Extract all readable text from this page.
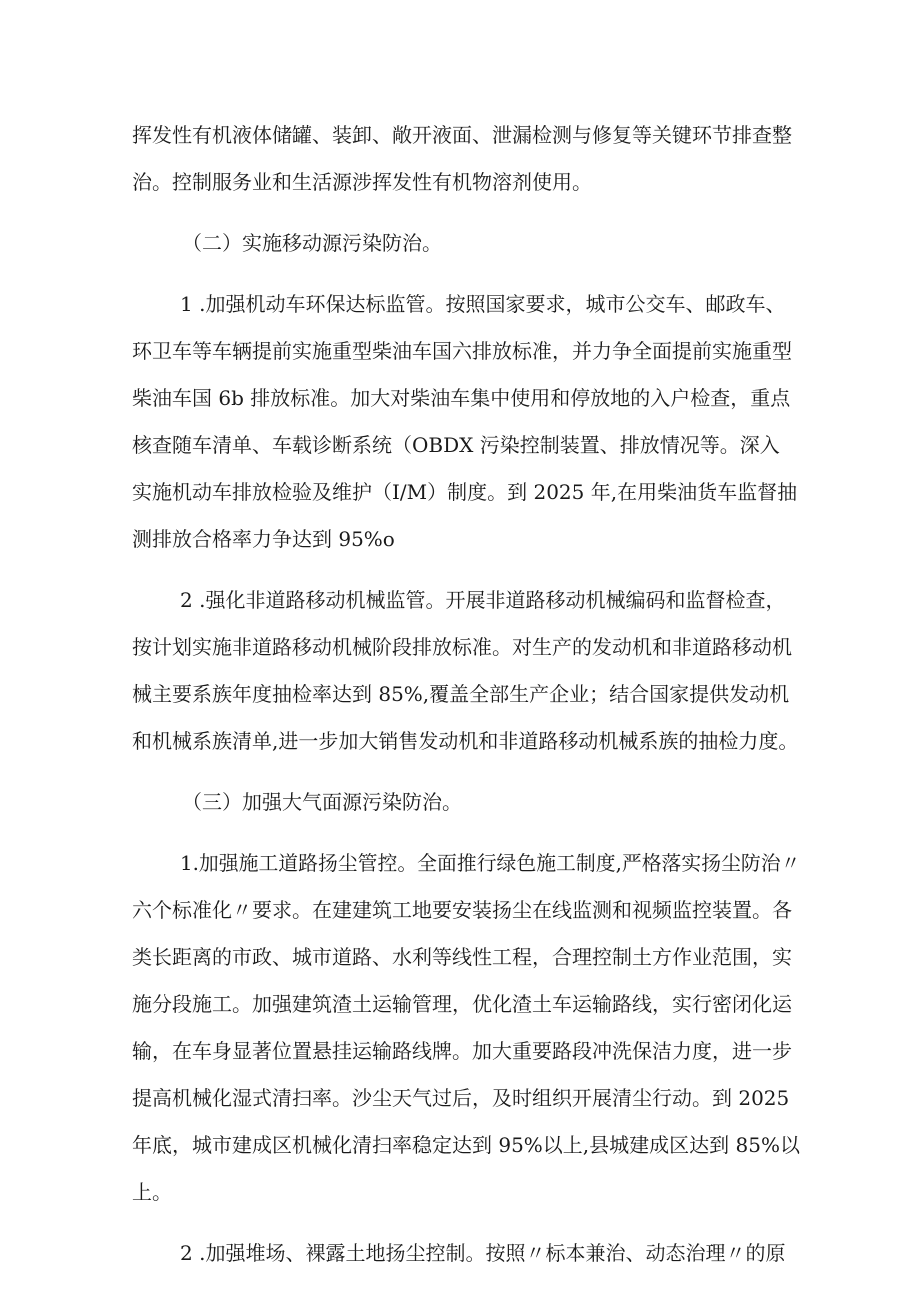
挥发性有机液体储罐、装卸、敞开液面、泄漏检测与修复等关键环节排查整
治。控制服务业和生活源涉挥发性有机物溶剂使用。
（二）实施移动源污染防治。
1 .加强机动车环保达标监管。按照国家要求，城市公交车、邮政车、
环卫车等车辆提前实施重型柴油车国六排放标准，并力争全面提前实施重型
柴油车国 6b 排放标准。加大对柴油车集中使用和停放地的入户检查，重点
核查随车清单、车载诊断系统（OBDX 污染控制装置、排放情况等。深入
实施机动车排放检验及维护（I/M）制度。到 2025 年,在用柴油货车监督抽
测排放合格率力争达到 95%o
2 .强化非道路移动机械监管。开展非道路移动机械编码和监督检查，
按计划实施非道路移动机械阶段排放标准。对生产的发动机和非道路移动机
械主要系族年度抽检率达到 85%,覆盖全部生产企业；结合国家提供发动机
和机械系族清单,进一步加大销售发动机和非道路移动机械系族的抽检力度。
（三）加强大气面源污染防治。
1.加强施工道路扬尘管控。全面推行绿色施工制度,严格落实扬尘防治〃
六个标准化〃要求。在建建筑工地要安装扬尘在线监测和视频监控装置。各
类长距离的市政、城市道路、水利等线性工程，合理控制土方作业范围，实
施分段施工。加强建筑渣土运输管理，优化渣土车运输路线，实行密闭化运
输，在车身显著位置悬挂运输路线牌。加大重要路段冲洗保洁力度，进一步
提高机械化湿式清扫率。沙尘天气过后，及时组织开展清尘行动。到 2025
年底，城市建成区机械化清扫率稳定达到 95%以上,县城建成区达到 85%以
上。
2 .加强堆场、裸露土地扬尘控制。按照〃标本兼治、动态治理〃的原
